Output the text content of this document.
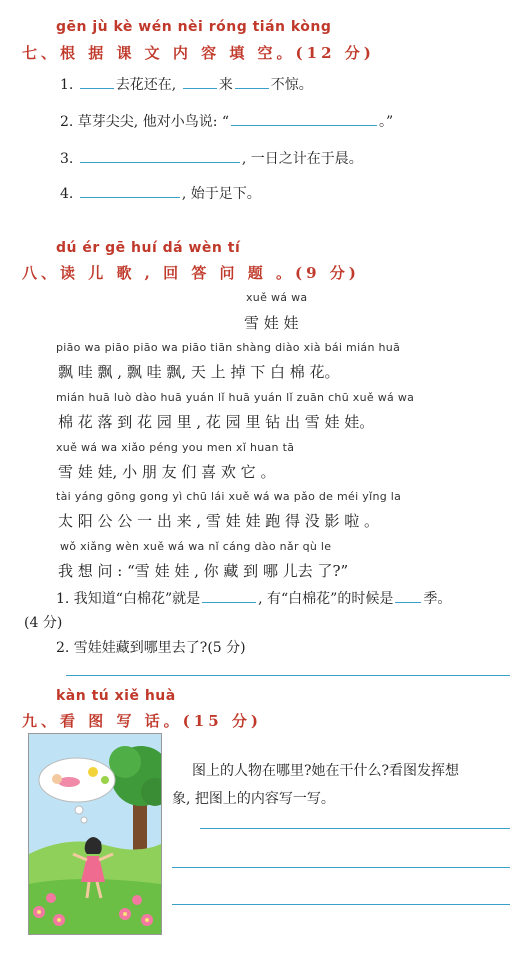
gēn jù kè wén nèi róng tián kòng
七、根 据 课 文 内 容 填 空。(12 分)
1.	去花还在,	来	不惊。
2. 草芽尖尖, 他对小鸟说: “	。”
3.	, 一日之计在于晨。
4.	, 始于足下。
dú ér gē huí dá wèn tí
八、读 儿 歌 , 回 答 问 题 。(9 分)
xuě wá wa
雪 娃 娃
piāo wa piāo piāo wa piāo tiān shàng diào xià bái mián huā
飘 哇 飘 , 飘 哇 飘, 天 上 掉 下 白 棉 花。
mián huā luò dào huā yuán lǐ huā yuán lǐ zuān chū xuě wá wa
棉 花 落 到 花 园 里 , 花 园 里 钻 出 雪 娃 娃。
xuě wá wa xiǎo péng you men xǐ huan tā
雪 娃 娃, 小 朋 友 们 喜 欢 它 。
tài yáng gōng gong yì chū lái xuě wá wa pǎo de méi yǐng la
太 阳 公 公 一 出 来 , 雪 娃 娃 跑 得 没 影 啦 。
wǒ xiǎng wèn xuě wá wa nǐ cáng dào nǎr qù le
我 想 问 : “雪 娃 娃 , 你 藏 到 哪 儿去 了?”
1. 我知道“白棉花”就是	, 有“白棉花”的时候是 季。
(4 分)
2. 雪娃娃藏到哪里去了?(5 分)
kàn tú xiě huà
九、看 图 写 话。(15 分)
图上的人物在哪里?她在干什么?看图发挥想
象, 把图上的内容写一写。
